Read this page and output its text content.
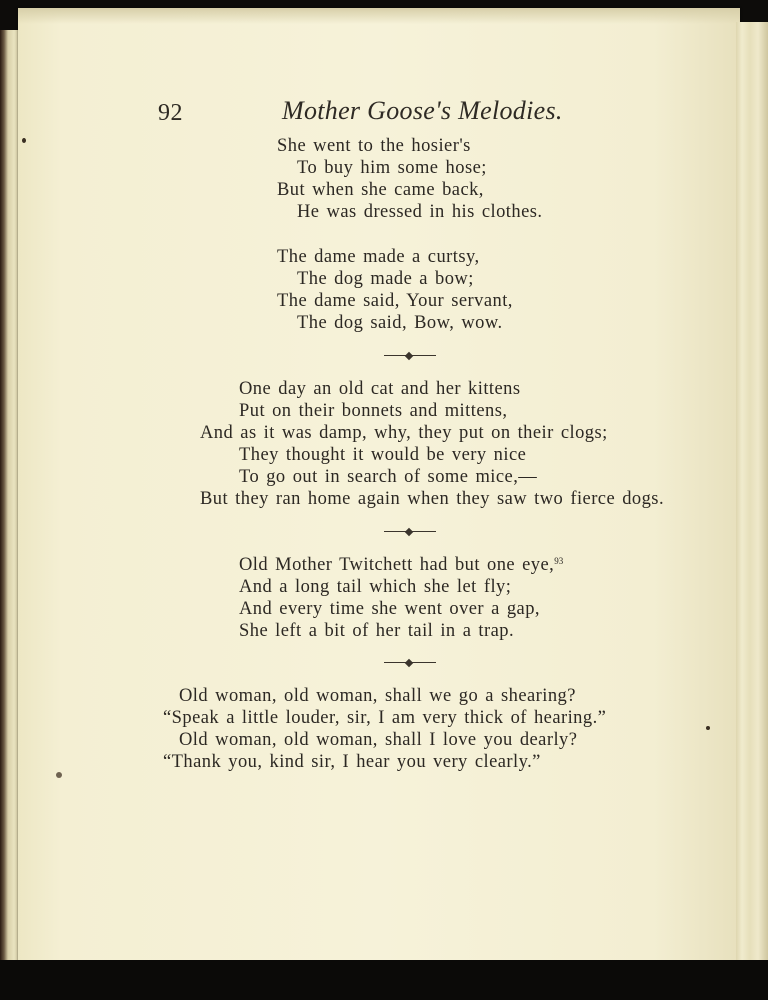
92	Mother Goose's Melodies.
She went to the hosier's
To buy him some hose;
But when she came back,
He was dressed in his clothes.
The dame made a curtsy,
The dog made a bow;
The dame said, Your servant,
The dog said, Bow, wow.
One day an old cat and her kittens
Put on their bonnets and mittens,
And as it was damp, why, they put on their clogs;
They thought it would be very nice
To go out in search of some mice,—
But they ran home again when they saw two fierce dogs.
Old Mother Twitchett had but one eye,$^{93}$
And a long tail which she let fly;
And every time she went over a gap,
She left a bit of her tail in a trap.
Old woman, old woman, shall we go a shearing?
“Speak a little louder, sir, I am very thick of hearing.”
Old woman, old woman, shall I love you dearly?
“Thank you, kind sir, I hear you very clearly.”
